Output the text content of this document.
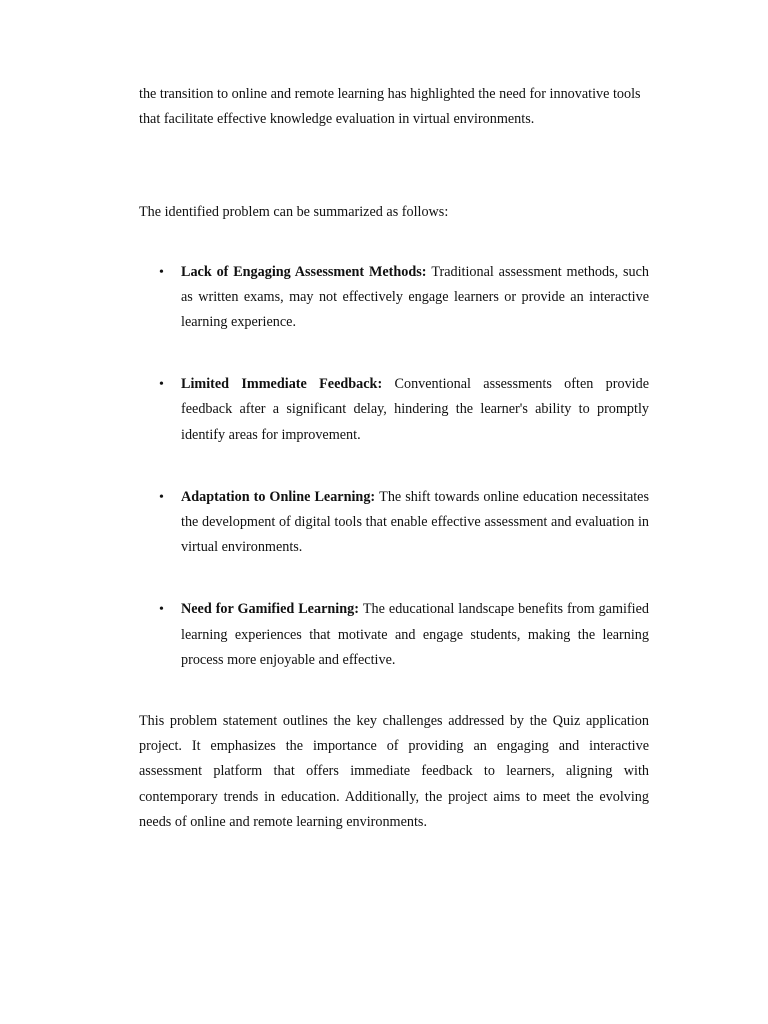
the transition to online and remote learning has highlighted the need for innovative tools that facilitate effective knowledge evaluation in virtual environments.

The identified problem can be summarized as follows:

• Lack of Engaging Assessment Methods: Traditional assessment methods, such as written exams, may not effectively engage learners or provide an interactive learning experience.
• Limited Immediate Feedback: Conventional assessments often provide feedback after a significant delay, hindering the learner's ability to promptly identify areas for improvement.
• Adaptation to Online Learning: The shift towards online education necessitates the development of digital tools that enable effective assessment and evaluation in virtual environments.
• Need for Gamified Learning: The educational landscape benefits from gamified learning experiences that motivate and engage students, making the learning process more enjoyable and effective.

This problem statement outlines the key challenges addressed by the Quiz application project. It emphasizes the importance of providing an engaging and interactive assessment platform that offers immediate feedback to learners, aligning with contemporary trends in education. Additionally, the project aims to meet the evolving needs of online and remote learning environments.
